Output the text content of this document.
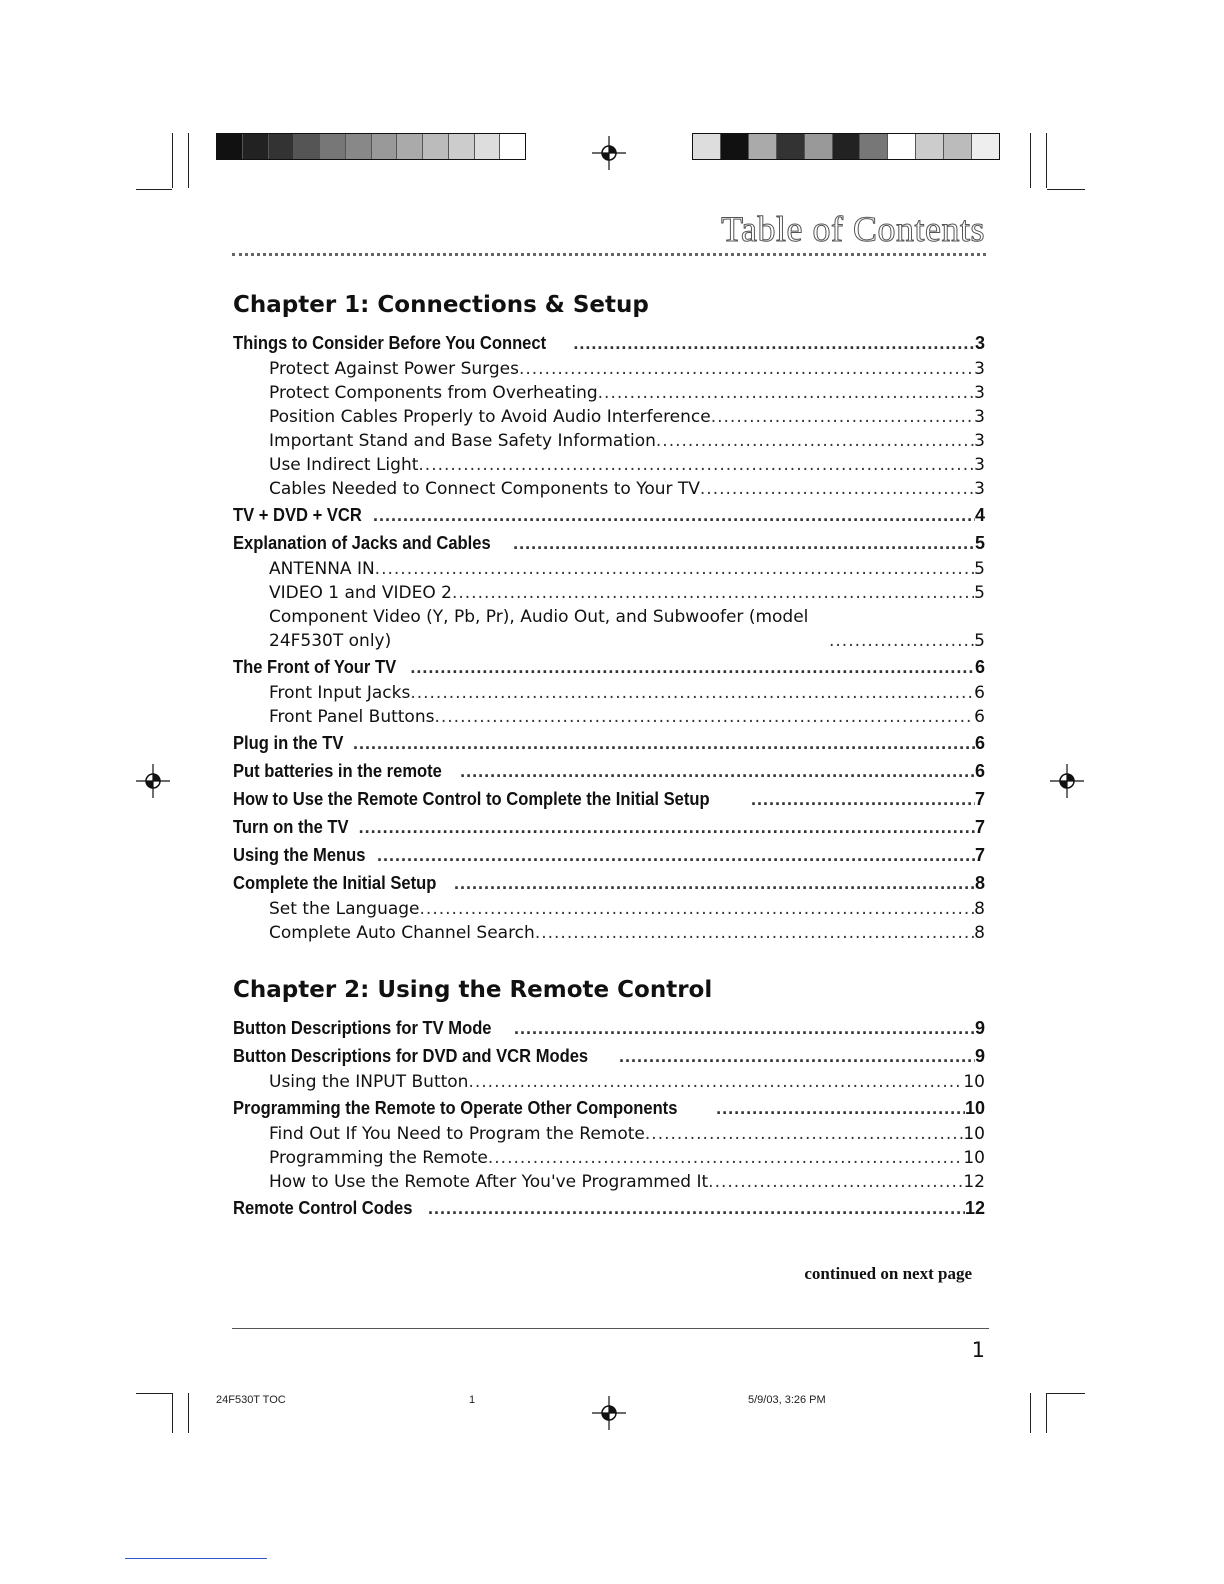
Table of Contents
Chapter 1: Connections & Setup
Things to Consider Before You Connect .....	3
Protect Against Power Surges .....	3
Protect Components from Overheating .....	3
Position Cables Properly to Avoid Audio Interference .....	3
Important Stand and Base Safety Information .....	3
Use Indirect Light .....	3
Cables Needed to Connect Components to Your TV .....	3
TV + DVD + VCR .....	4
Explanation of Jacks and Cables .....	5
ANTENNA IN .....	5
VIDEO 1 and VIDEO 2 .....	5
Component Video (Y, Pb, Pr), Audio Out, and Subwoofer (model 24F530T only) .....	5
The Front of Your TV .....	6
Front Input Jacks .....	6
Front Panel Buttons .....	6
Plug in the TV .....	6
Put batteries in the remote .....	6
How to Use the Remote Control to Complete the Initial Setup .....	7
Turn on the TV .....	7
Using the Menus .....	7
Complete the Initial Setup .....	8
Set the Language .....	8
Complete Auto Channel Search .....	8
Chapter 2: Using the Remote Control
Button Descriptions for TV Mode .....	9
Button Descriptions for DVD and VCR Modes .....	9
Using the INPUT Button .....	10
Programming the Remote to Operate Other Components .....	10
Find Out If You Need to Program the Remote .....	10
Programming the Remote .....	10
How to Use the Remote After You've Programmed It .....	12
Remote Control Codes .....	12
continued on next page
1
24F530T TOC	1	5/9/03, 3:26 PM
